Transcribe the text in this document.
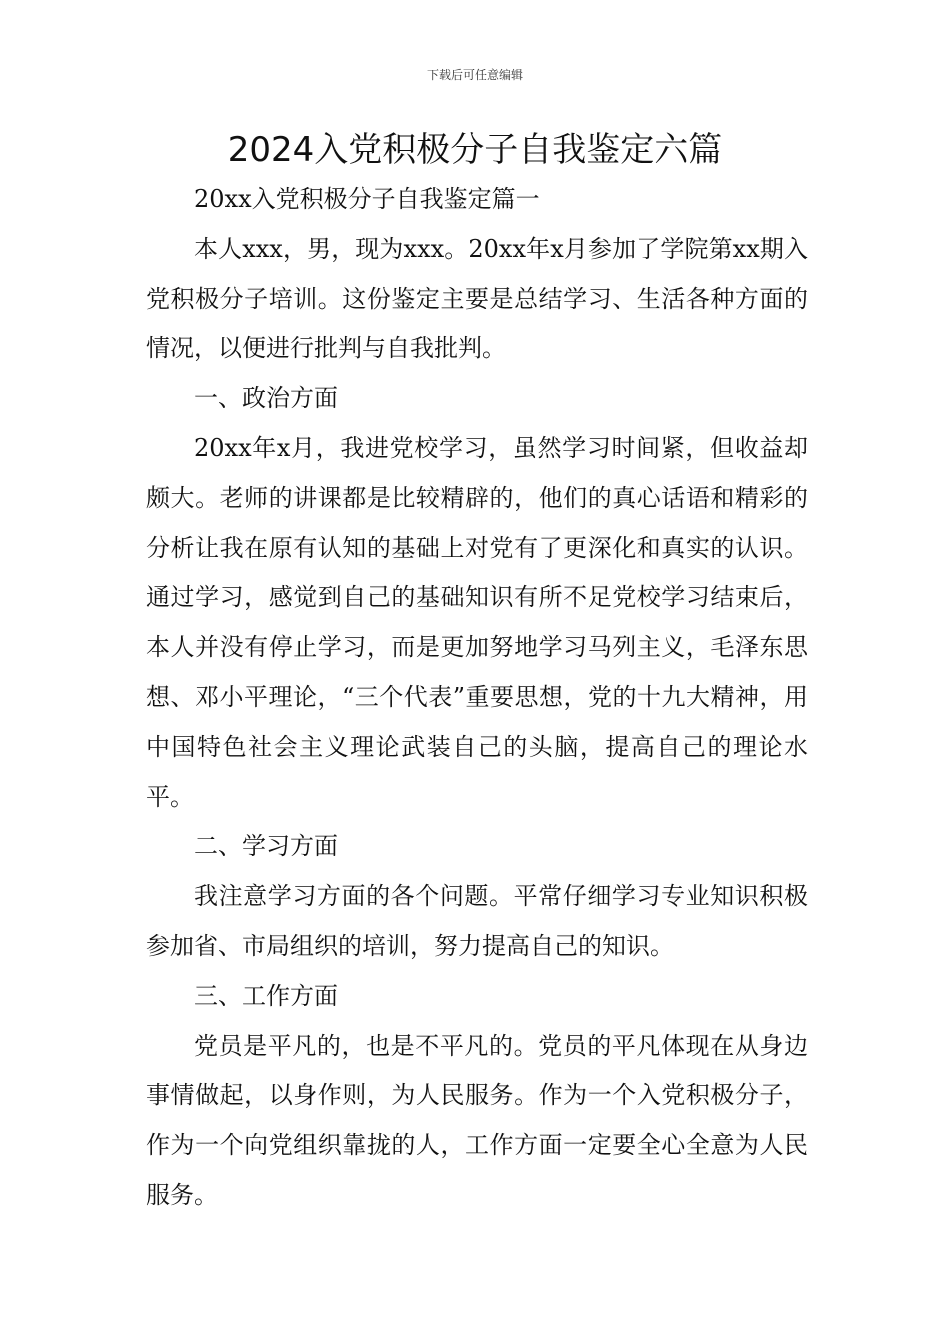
下载后可任意编辑
2024入党积极分子自我鉴定六篇

20xx入党积极分子自我鉴定篇一

本人xxx，男，现为xxx。20xx年x月参加了学院第xx期入党积极分子培训。这份鉴定主要是总结学习、生活各种方面的情况，以便进行批判与自我批判。

一、政治方面

20xx年x月，我进党校学习，虽然学习时间紧，但收益却颇大。老师的讲课都是比较精辟的，他们的真心话语和精彩的分析让我在原有认知的基础上对党有了更深化和真实的认识。通过学习，感觉到自己的基础知识有所不足党校学习结束后，本人并没有停止学习，而是更加努地学习马列主义，毛泽东思想、邓小平理论，“三个代表”重要思想，党的十九大精神，用中国特色社会主义理论武装自己的头脑，提高自己的理论水平。

二、学习方面

我注意学习方面的各个问题。平常仔细学习专业知识积极参加省、市局组织的培训，努力提高自己的知识。

三、工作方面

党员是平凡的，也是不平凡的。党员的平凡体现在从身边事情做起，以身作则，为人民服务。作为一个入党积极分子，作为一个向党组织靠拢的人，工作方面一定要全心全意为人民服务。
